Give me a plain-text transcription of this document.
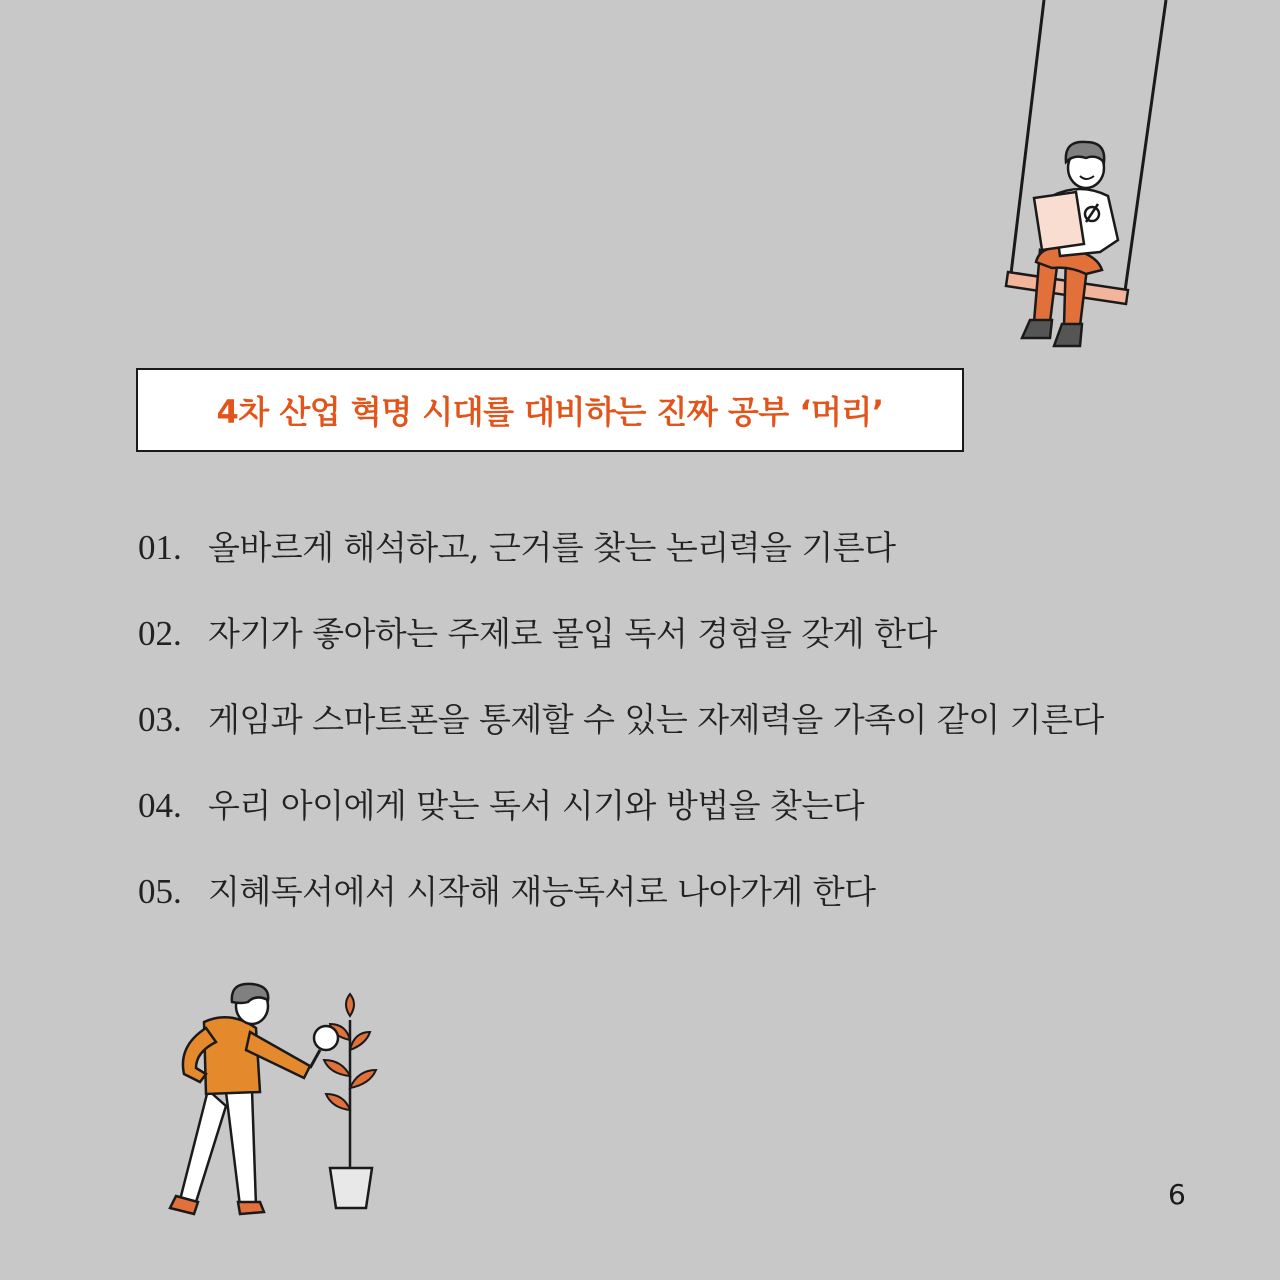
4차 산업 혁명 시대를 대비하는 진짜 공부 ‘머리’
01. 올바르게 해석하고, 근거를 찾는 논리력을 기른다
02. 자기가 좋아하는 주제로 몰입 독서 경험을 갖게 한다
03. 게임과 스마트폰을 통제할 수 있는 자제력을 가족이 같이 기른다
04. 우리 아이에게 맞는 독서 시기와 방법을 찾는다
05. 지혜독서에서 시작해 재능독서로 나아가게 한다
6
